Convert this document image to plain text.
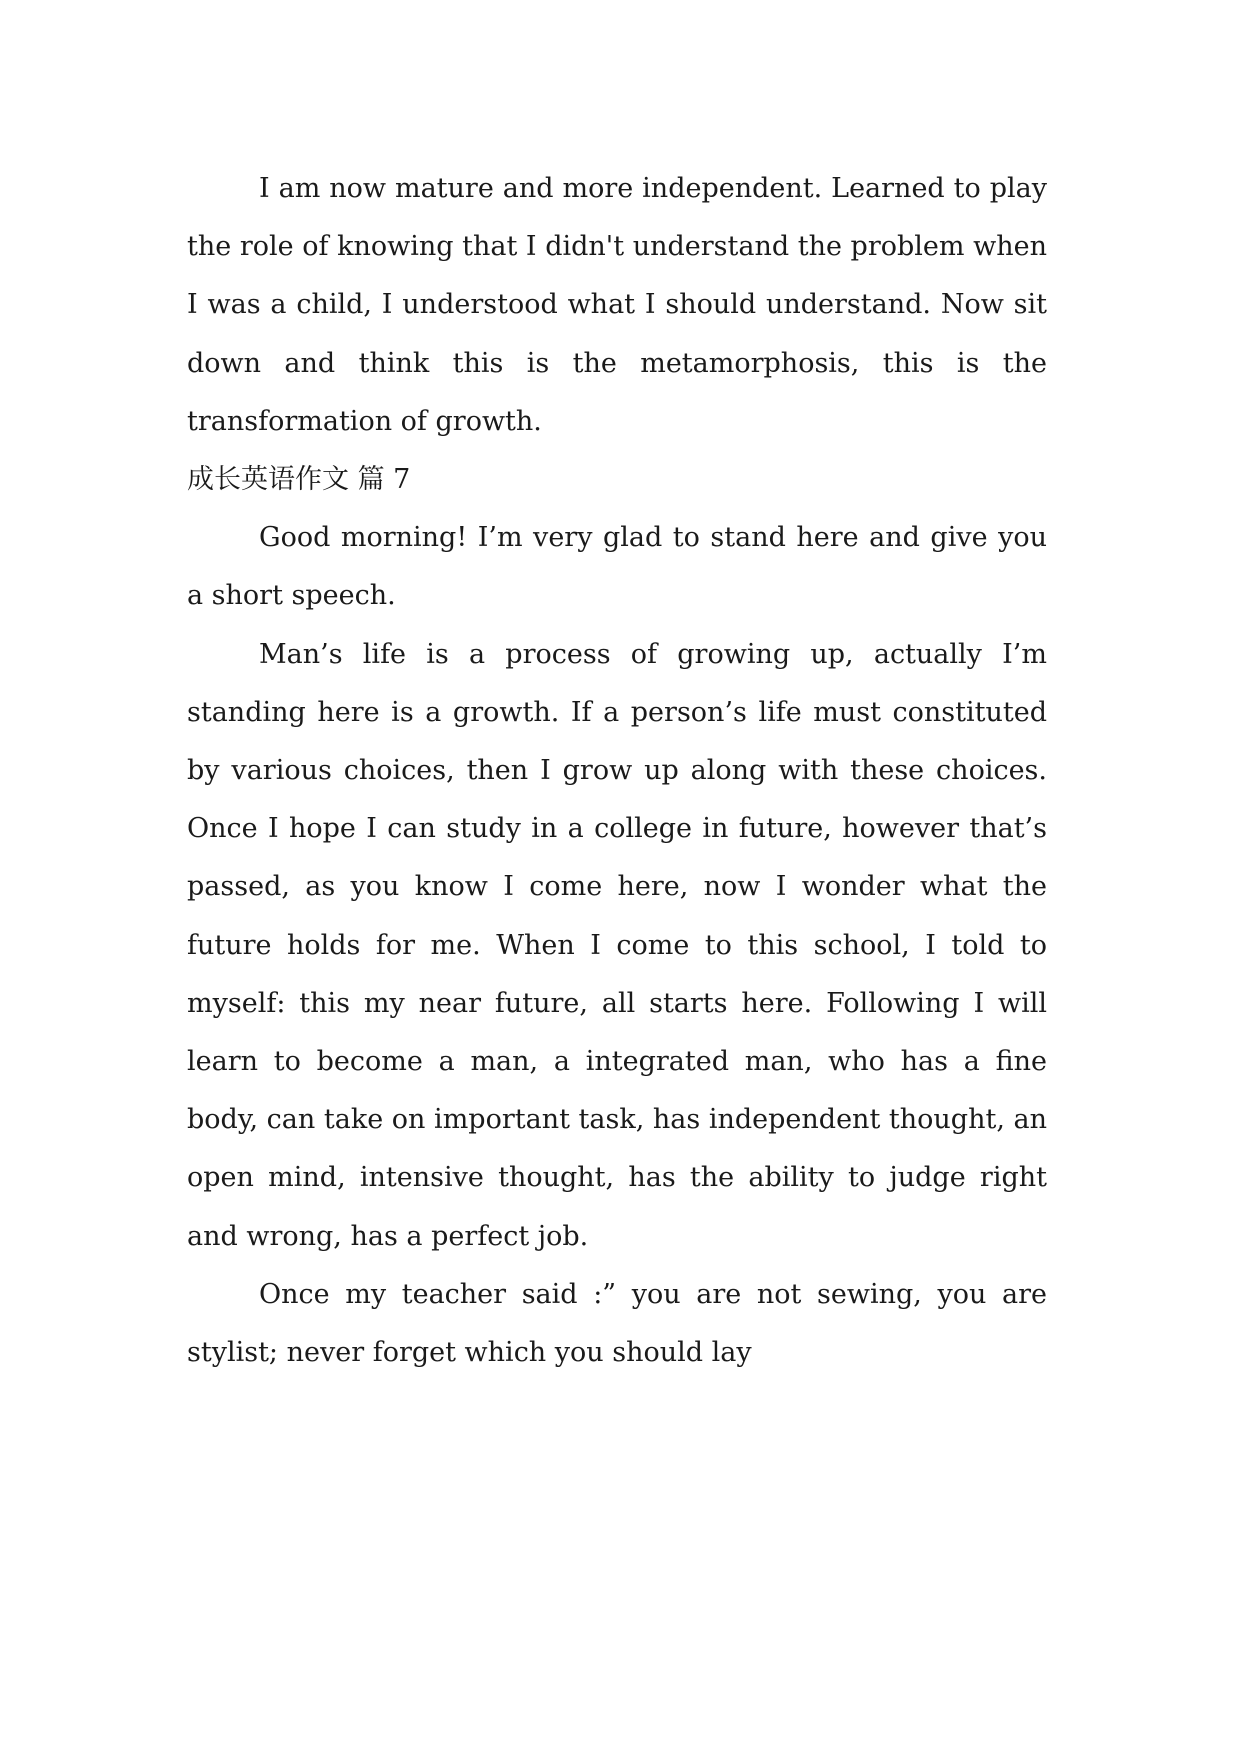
I am now mature and more independent. Learned to play the role of knowing that I didn't understand the problem when I was a child, I understood what I should understand. Now sit down and think this is the metamorphosis, this is the transformation of growth.

成长英语作文 篇 7

Good morning! I’m very glad to stand here and give you a short speech.

Man’s life is a process of growing up, actually I’m standing here is a growth. If a person’s life must constituted by various choices, then I grow up along with these choices. Once I hope I can study in a college in future, however that’s passed, as you know I come here, now I wonder what the future holds for me. When I come to this school, I told to myself: this my near future, all starts here. Following I will learn to become a man, a integrated man, who has a fine body, can take on important task, has independent thought, an open mind, intensive thought, has the ability to judge right and wrong, has a perfect job.

Once my teacher said :” you are not sewing, you are stylist; never forget which you should lay
